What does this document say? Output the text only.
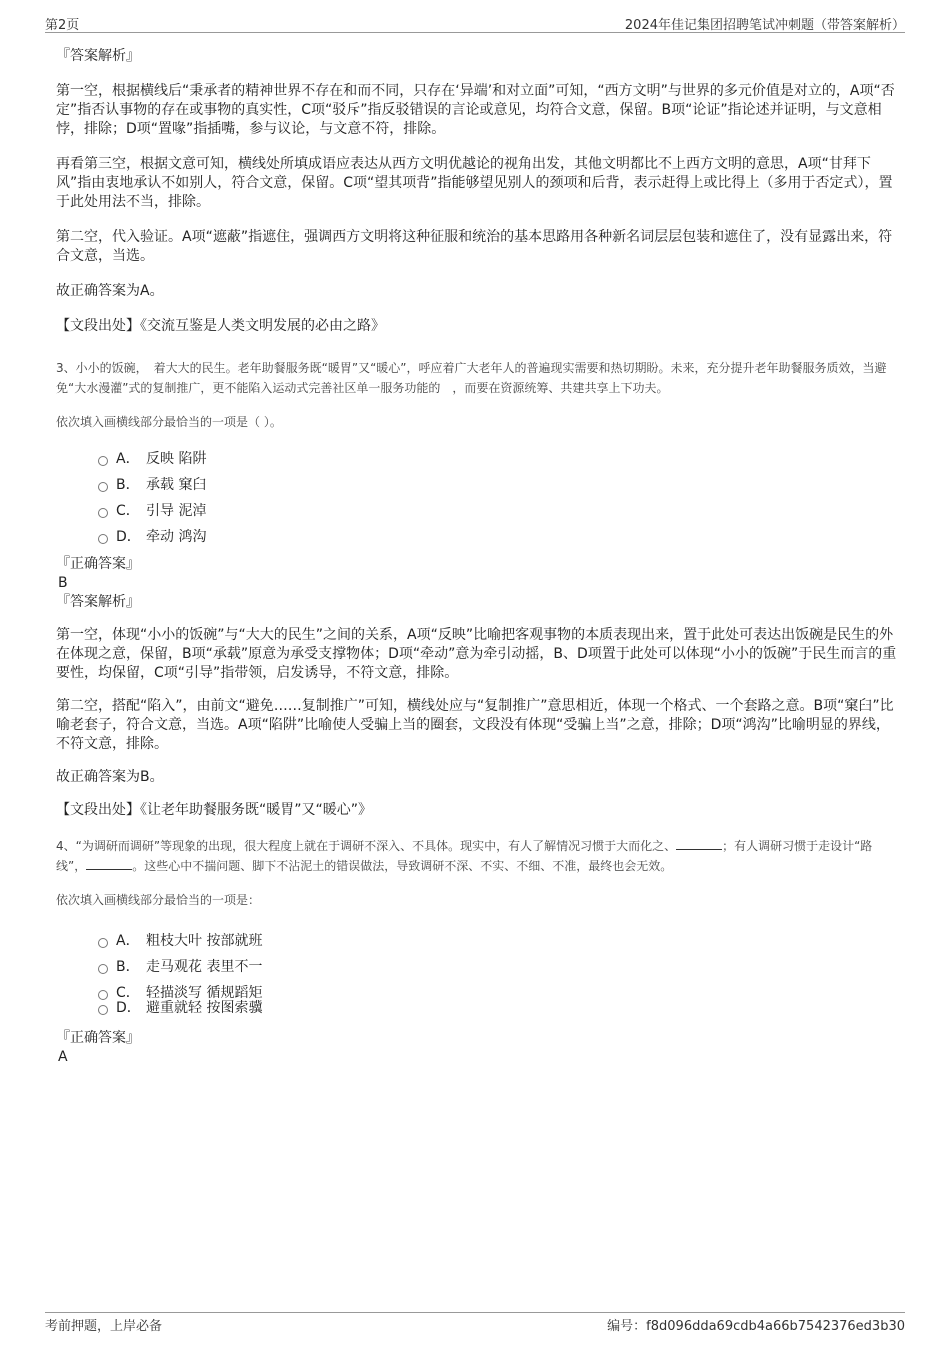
第2页	2024年佳记集团招聘笔试冲刺题（带答案解析）

『答案解析』

第一空，根据横线后“秉承者的精神世界不存在和而不同，只存在‘异端’和对立面”可知，“西方文明”与世界的多元价值是对立的，A项“否定”指否认事物的存在或事物的真实性，C项“驳斥”指反驳错误的言论或意见，均符合文意，保留。B项“论证”指论述并证明，与文意相悖，排除；D项“置喙”指插嘴，参与议论，与文意不符，排除。

再看第三空，根据文意可知，横线处所填成语应表达从西方文明优越论的视角出发，其他文明都比不上西方文明的意思，A项“甘拜下风”指由衷地承认不如别人，符合文意，保留。C项“望其项背”指能够望见别人的颈项和后背，表示赶得上或比得上（多用于否定式），置于此处用法不当，排除。

第二空，代入验证。A项“遮蔽”指遮住，强调西方文明将这种征服和统治的基本思路用各种新名词层层包装和遮住了，没有显露出来，符合文意，当选。

故正确答案为A。

【文段出处】《交流互鉴是人类文明发展的必由之路》

3、小小的饭碗，　着大大的民生。老年助餐服务既“暖胃”又“暖心”，呼应着广大老年人的普遍现实需要和热切期盼。未来，充分提升老年助餐服务质效，当避免“大水漫灌”式的复制推广，更不能陷入运动式完善社区单一服务功能的　，而要在资源统筹、共建共享上下功夫。

依次填入画横线部分最恰当的一项是（ ）。

A． 反映 陷阱
B． 承载 窠臼
C． 引导 泥淖
D． 牵动 鸿沟

『正确答案』

B

『答案解析』

第一空，体现“小小的饭碗”与“大大的民生”之间的关系，A项“反映”比喻把客观事物的本质表现出来，置于此处可表达出饭碗是民生的外在体现之意，保留，B项“承载”原意为承受支撑物体；D项“牵动”意为牵引动摇，B、D项置于此处可以体现“小小的饭碗”于民生而言的重要性，均保留，C项“引导”指带领，启发诱导，不符文意，排除。

第二空，搭配“陷入”，由前文“避免……复制推广”可知，横线处应与“复制推广”意思相近，体现一个格式、一个套路之意。B项“窠臼”比喻老套子，符合文意，当选。A项“陷阱”比喻使人受骗上当的圈套，文段没有体现“受骗上当”之意，排除；D项“鸿沟”比喻明显的界线，不符文意，排除。

故正确答案为B。

【文段出处】《让老年助餐服务既“暖胃”又“暖心”》

4、“为调研而调研”等现象的出现，很大程度上就在于调研不深入、不具体。现实中，有人了解情况习惯于大而化之、	；有人调研习惯于走设计“路线”，	。这些心中不揣问题、脚下不沾泥土的错误做法，导致调研不深、不实、不细、不准，最终也会无效。

依次填入画横线部分最恰当的一项是：

A． 粗枝大叶 按部就班
B． 走马观花 表里不一
C． 轻描淡写 循规蹈矩
D． 避重就轻 按图索骥

『正确答案』

A

考前押题，上岸必备	编号：f8d096dda69cdb4a66b7542376ed3b30
